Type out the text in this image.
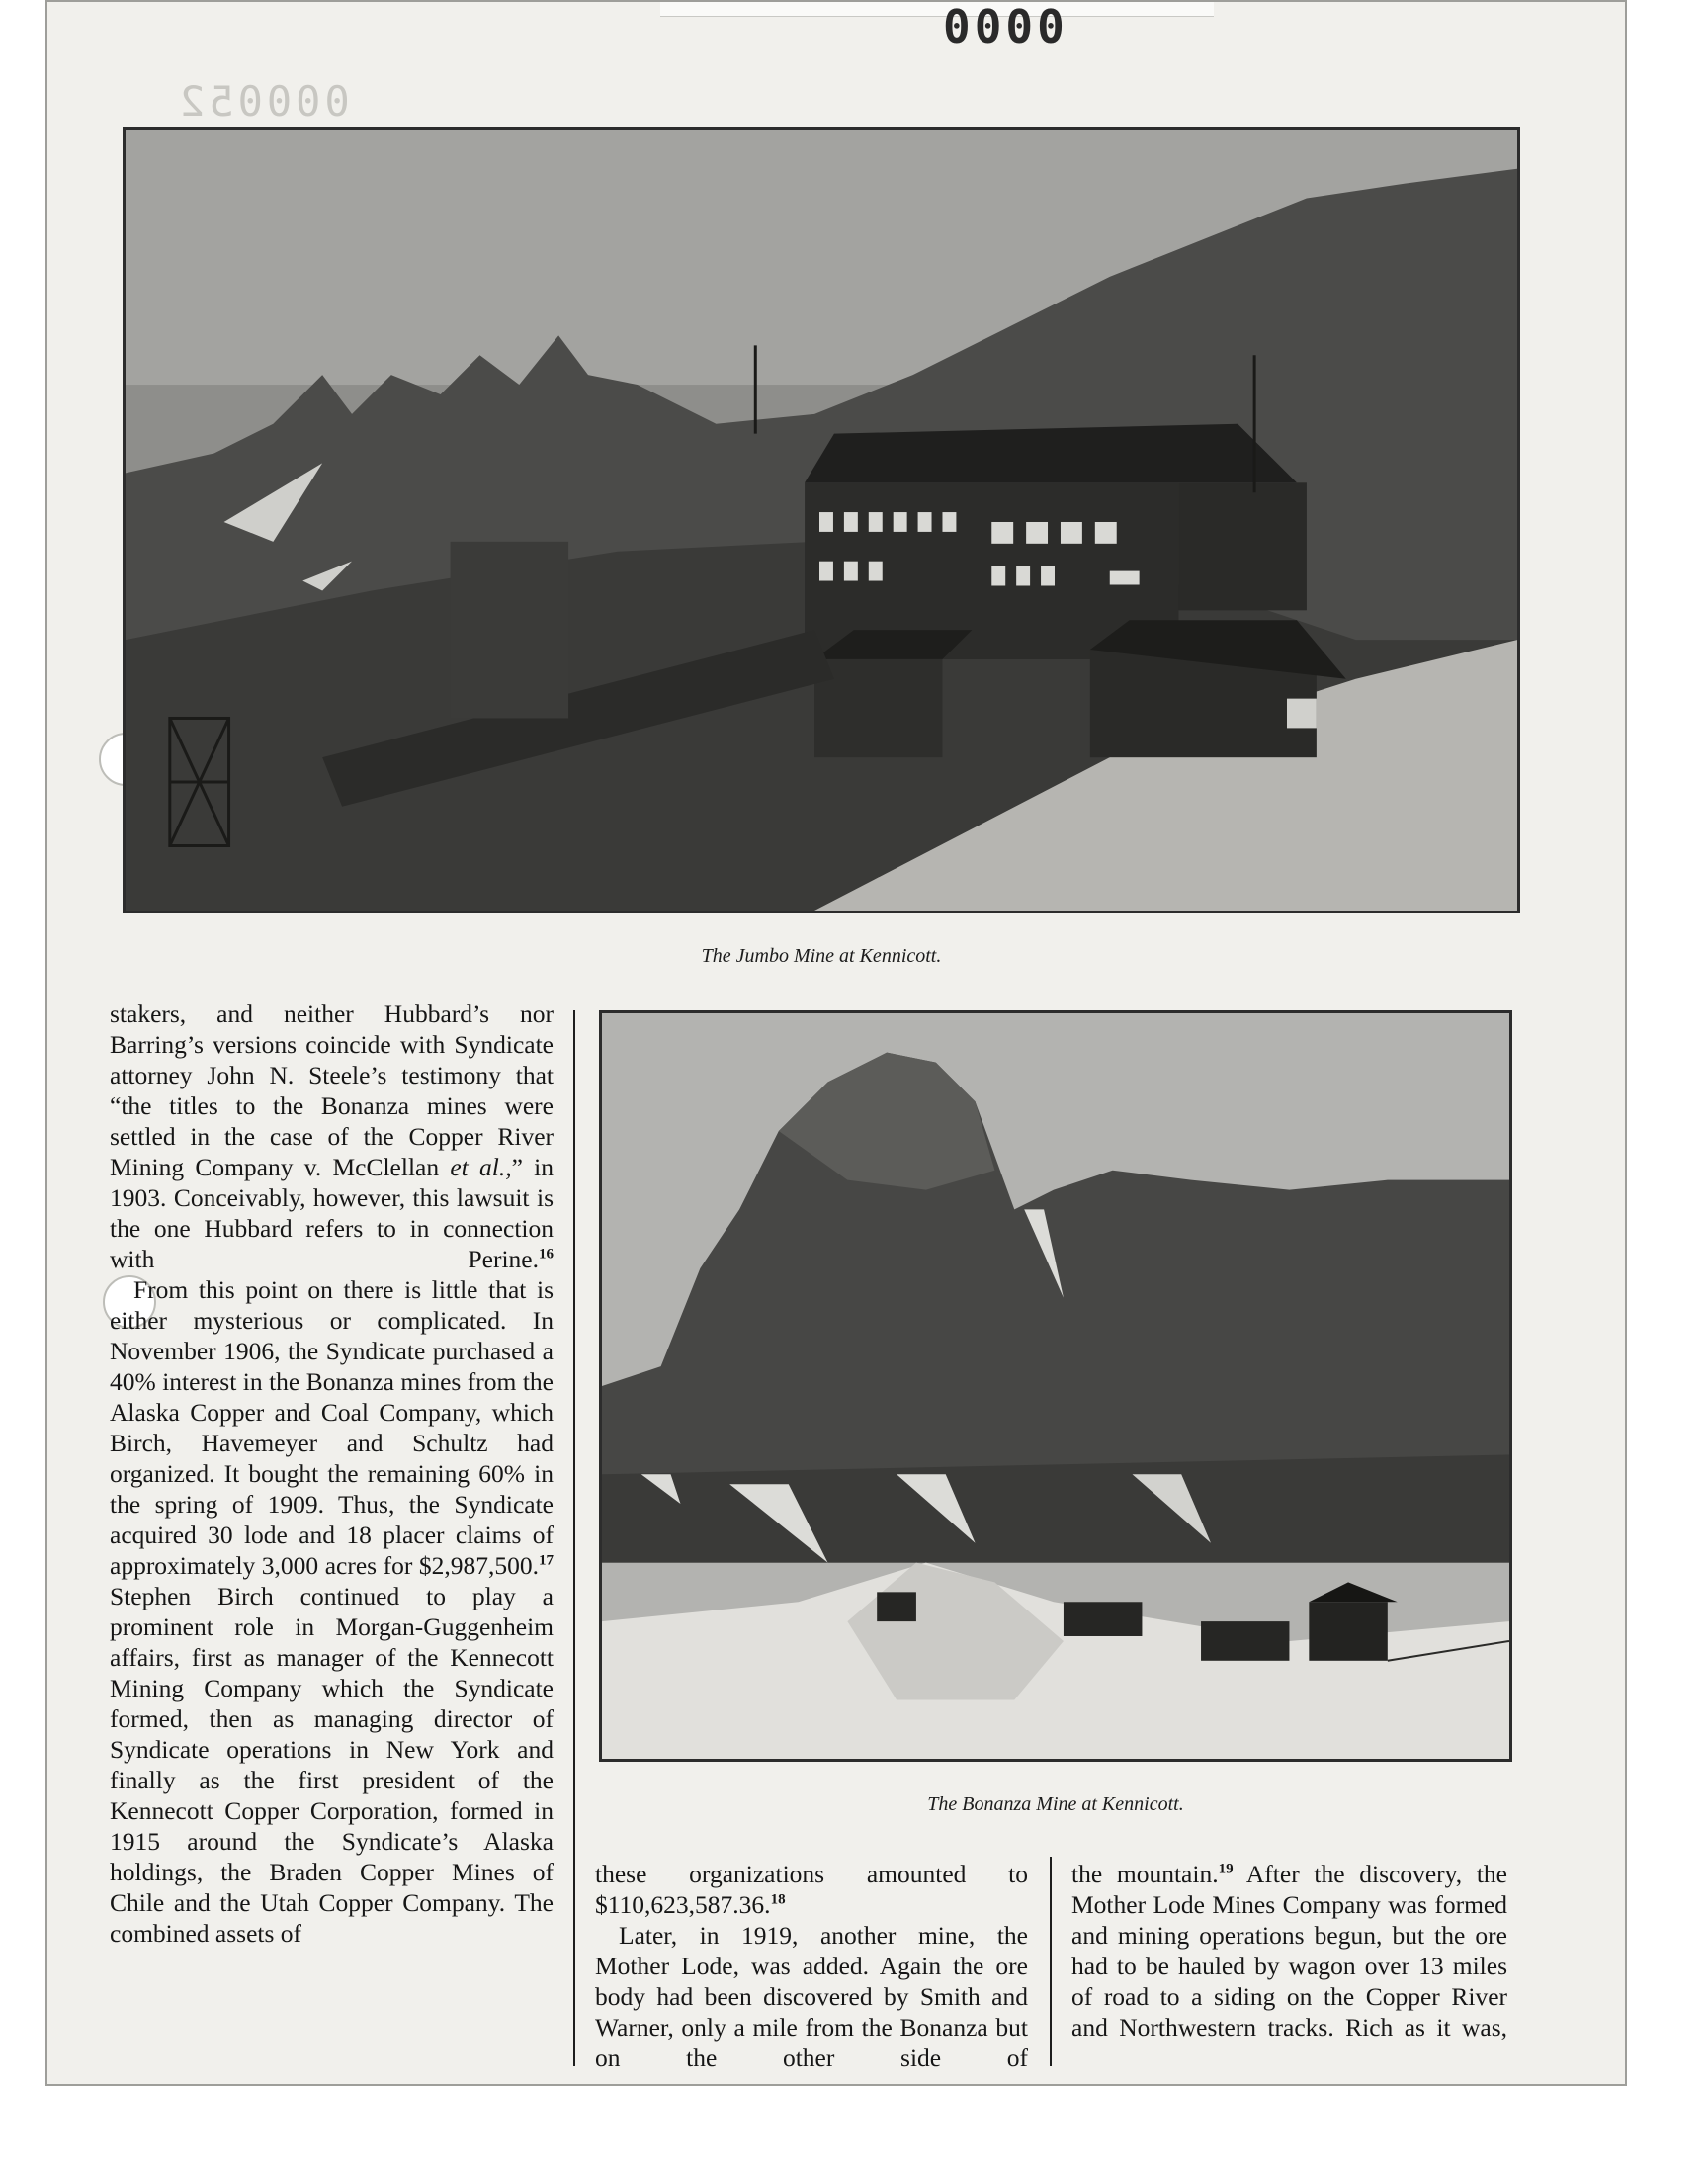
0000
000052
The Jumbo Mine at Kennicott.
The Bonanza Mine at Kennicott.

stakers, and neither Hubbard’s nor Barring’s versions coincide with Syndicate attorney John N. Steele’s testimony that “the titles to the Bonanza mines were settled in the case of the Copper River Mining Company v. McClellan et al.,” in 1903. Conceivably, however, this lawsuit is the one Hubbard refers to in connection with Perine.$^{16}$

From this point on there is little that is either mysterious or complicated. In November 1906, the Syndicate purchased a 40% interest in the Bonanza mines from the Alaska Copper and Coal Company, which Birch, Havemeyer and Schultz had organized. It bought the remaining 60% in the spring of 1909. Thus, the Syndicate acquired 30 lode and 18 placer claims of approximately 3,000 acres for $2,987,500.17 Stephen Birch continued to play a prominent role in Morgan-Guggenheim affairs, first as manager of the Kennecott Mining Company which the Syndicate formed, then as managing director of Syndicate operations in New York and finally as the first president of the Kennecott Copper Corporation, formed in 1915 around the Syndicate’s Alaska holdings, the Braden Copper Mines of Chile and the Utah Copper Company. The combined assets of

these organizations amounted to $110,623,587.36.18

Later, in 1919, another mine, the Mother Lode, was added. Again the ore body had been discovered by Smith and Warner, only a mile from the Bonanza but on the other side of

the mountain.$^{19}$ After the discovery, the Mother Lode Mines Company was formed and mining operations begun, but the ore had to be hauled by wagon over 13 miles of road to a siding on the Copper River and Northwestern tracks. Rich as it was,
